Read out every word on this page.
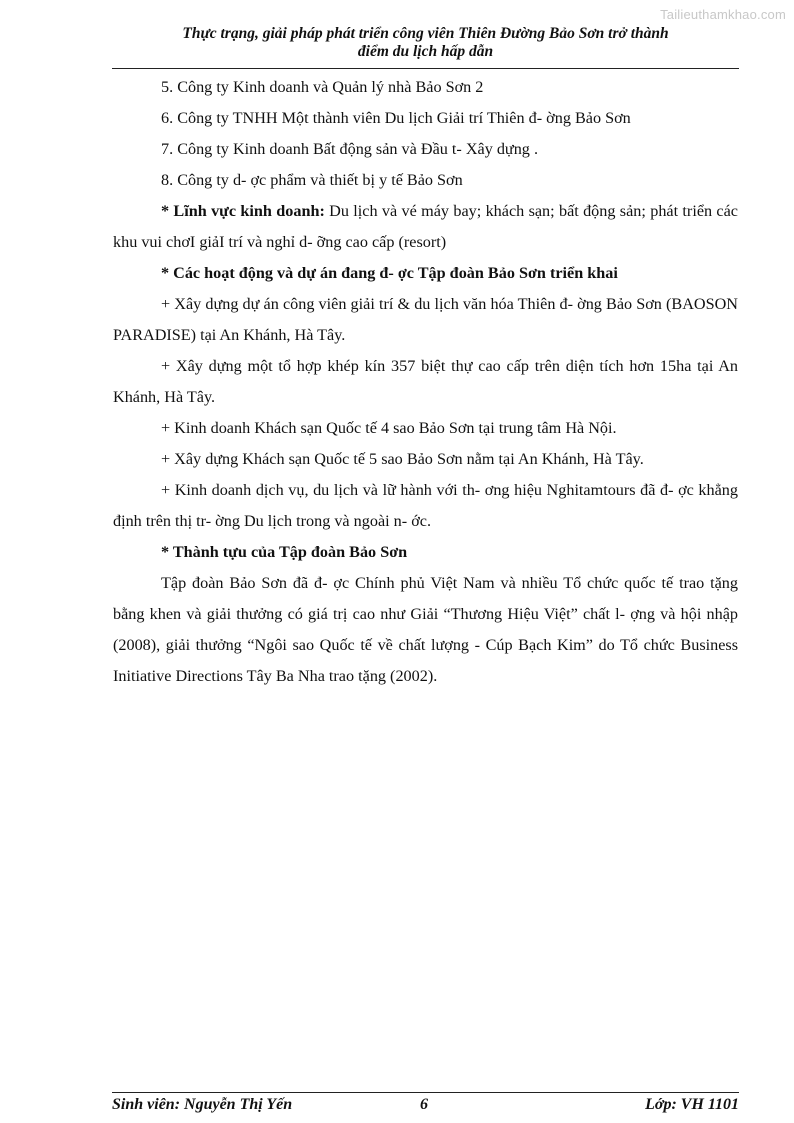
Tailieuthamkhao.com
Thực trạng, giải pháp phát triển công viên Thiên Đường Bảo Sơn trở thành
điểm du lịch hấp dẫn

5. Công ty Kinh doanh và Quản lý nhà Bảo Sơn 2

6. Công ty TNHH Một thành viên Du lịch Giải trí Thiên đ- ờng Bảo Sơn

7. Công ty Kinh doanh Bất động sản và Đầu t- Xây dựng .

8. Công ty d- ợc phẩm và thiết bị y tế Bảo Sơn

* Lĩnh vực kinh doanh: Du lịch và vé máy bay; khách sạn; bất động sản; phát triển các khu vui chơI giảI trí và nghỉ d- ỡng cao cấp (resort)

* Các hoạt động và dự án đang đ- ợc Tập đoàn Bảo Sơn triển khai

+ Xây dựng dự án công viên giải trí & du lịch văn hóa Thiên đ- ờng Bảo Sơn (BAOSON PARADISE) tại An Khánh, Hà Tây.

+ Xây dựng một tổ hợp khép kín 357 biệt thự cao cấp trên diện tích hơn 15ha tại An Khánh, Hà Tây.

+ Kinh doanh Khách sạn Quốc tế 4 sao Bảo Sơn tại trung tâm Hà Nội.

+ Xây dựng Khách sạn Quốc tế 5 sao Bảo Sơn nằm tại An Khánh, Hà Tây.

+ Kinh doanh dịch vụ, du lịch và lữ hành với th- ơng hiệu Nghitamtours đã đ- ợc khẳng định trên thị tr- ờng Du lịch trong và ngoài n- ớc.

* Thành tựu của Tập đoàn Bảo Sơn

Tập đoàn Bảo Sơn đã đ- ợc Chính phủ Việt Nam và nhiều Tổ chức quốc tế trao tặng bằng khen và giải thưởng có giá trị cao như Giải “Thương Hiệu Việt” chất l- ợng và hội nhập (2008), giải thưởng “Ngôi sao Quốc tế về chất lượng - Cúp Bạch Kim” do Tổ chức Business Initiative Directions Tây Ba Nha trao tặng (2002).

Sinh viên: Nguyễn Thị Yến	6	Lớp: VH 1101
